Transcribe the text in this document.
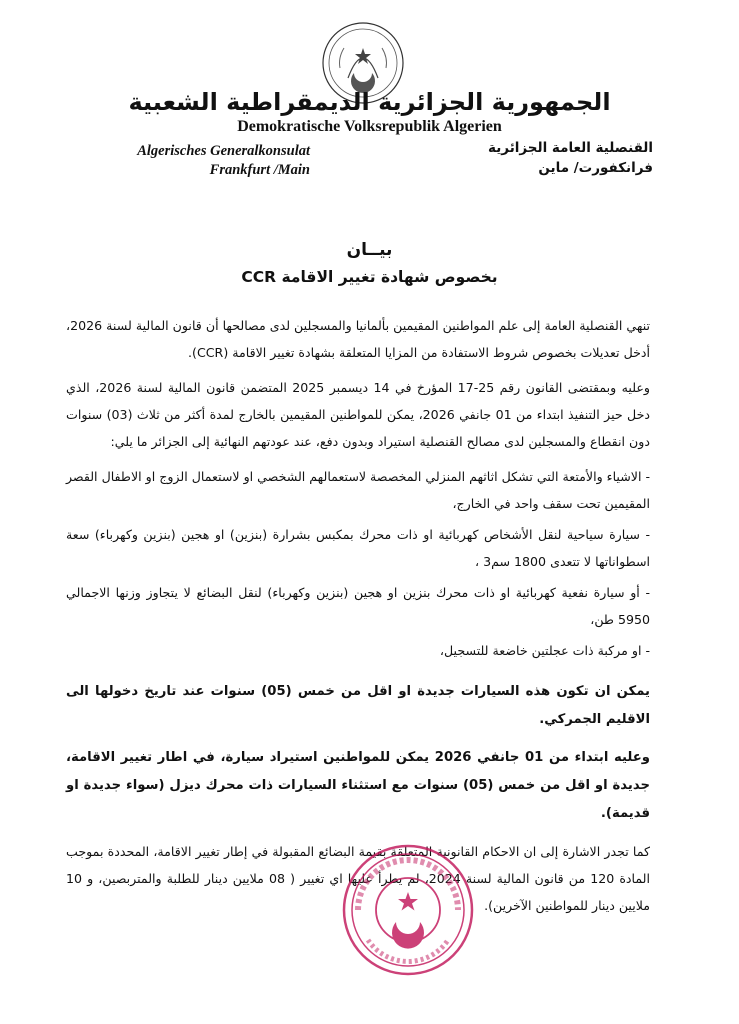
الجمهورية الجزائرية الديمقراطية الشعبية
Demokratische Volksrepublik Algerien
Algerisches Generalkonsulat
Frankfurt /Main
القنصلية العامة الجزائرية
فرانكفورت/ ماين
بيــان
بخصوص شهادة تغيير الاقامة CCR

تنهي القنصلية العامة إلى علم المواطنين المقيمين بألمانيا والمسجلين لدى مصالحها أن قانون المالية لسنة 2026، أدخل تعديلات بخصوص شروط الاستفادة من المزايا المتعلقة بشهادة تغيير الاقامة (CCR).

وعليه وبمقتضى القانون رقم 25-17 المؤرخ في 14 ديسمبر 2025 المتضمن قانون المالية لسنة 2026، الذي دخل حيز التنفيذ ابتداء من 01 جانفي 2026، يمكن للمواطنين المقيمين بالخارج لمدة أكثر من ثلاث (03) سنوات دون انقطاع والمسجلين لدى مصالح القنصلية استيراد وبدون دفع، عند عودتهم النهائية إلى الجزائر ما يلي:

- الاشياء والأمتعة التي تشكل اثاثهم المنزلي المخصصة لاستعمالهم الشخصي او لاستعمال الزوج او الاطفال القصر المقيمين تحت سقف واحد في الخارج،

- سيارة سياحية لنقل الأشخاص كهربائية او ذات محرك بمكبس بشرارة (بنزين) او هجين (بنزين وكهرباء) سعة اسطواناتها لا تتعدى 1800 سم3 ،

- أو سيارة نفعية كهربائية او ذات محرك بنزين او هجين (بنزين وكهرباء) لنقل البضائع لا يتجاوز وزنها الاجمالي 5950 طن،

- او مركبة ذات عجلتين خاضعة للتسجيل،

يمكن ان تكون هذه السيارات جديدة او اقل من خمس (05) سنوات عند تاريخ دخولها الى الاقليم الجمركي.

وعليه ابتداء من 01 جانفي 2026 يمكن للمواطنين استيراد سيارة، في اطار تغيير الاقامة، جديدة او اقل من خمس (05) سنوات مع استثناء السيارات ذات محرك ديزل (سواء جديدة او قديمة).

كما تجدر الاشارة إلى ان الاحكام القانونية المتعلقة بقيمة البضائع المقبولة في إطار تغيير الاقامة، المحددة بموجب المادة 120 من قانون المالية لسنة 2024، لم يطرأ عليها اي تغيير ( 08 ملايين دينار للطلبة والمتربصين، و 10 ملايين دينار للمواطنين الآخرين).
